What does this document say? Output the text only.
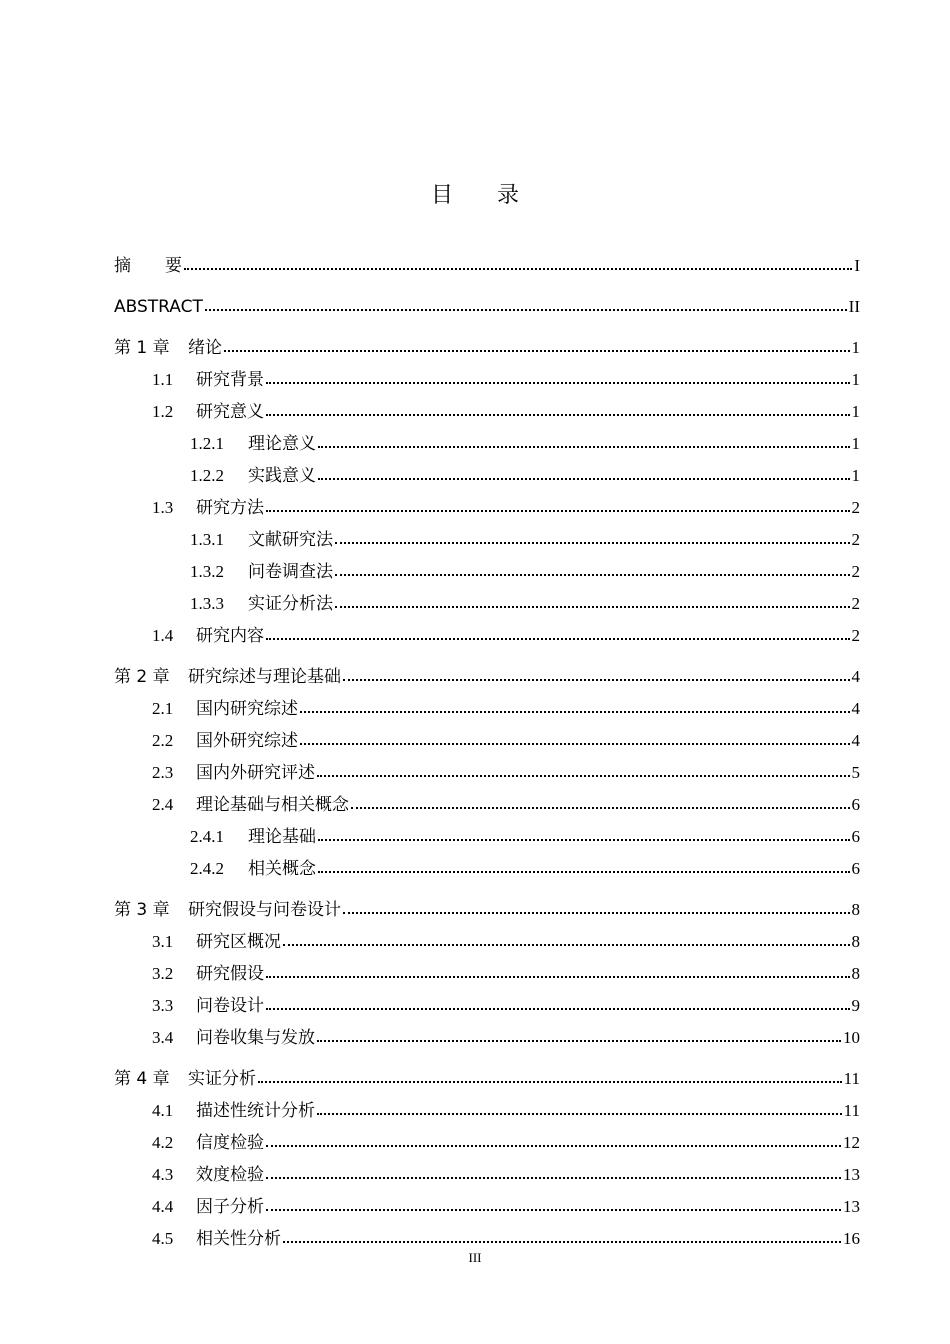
目　　录
摘　　要	I
ABSTRACT	II
第 1 章	绪论	1
1.1	研究背景	1
1.2	研究意义	1
1.2.1	理论意义	1
1.2.2	实践意义	1
1.3	研究方法	2
1.3.1	文献研究法	2
1.3.2	问卷调查法	2
1.3.3	实证分析法	2
1.4	研究内容	2
第 2 章	研究综述与理论基础	4
2.1	国内研究综述	4
2.2	国外研究综述	4
2.3	国内外研究评述	5
2.4	理论基础与相关概念	6
2.4.1	理论基础	6
2.4.2	相关概念	6
第 3 章	研究假设与问卷设计	8
3.1	研究区概况	8
3.2	研究假设	8
3.3	问卷设计	9
3.4	问卷收集与发放	10
第 4 章	实证分析	11
4.1	描述性统计分析	11
4.2	信度检验	12
4.3	效度检验	13
4.4	因子分析	13
4.5	相关性分析	16
III
